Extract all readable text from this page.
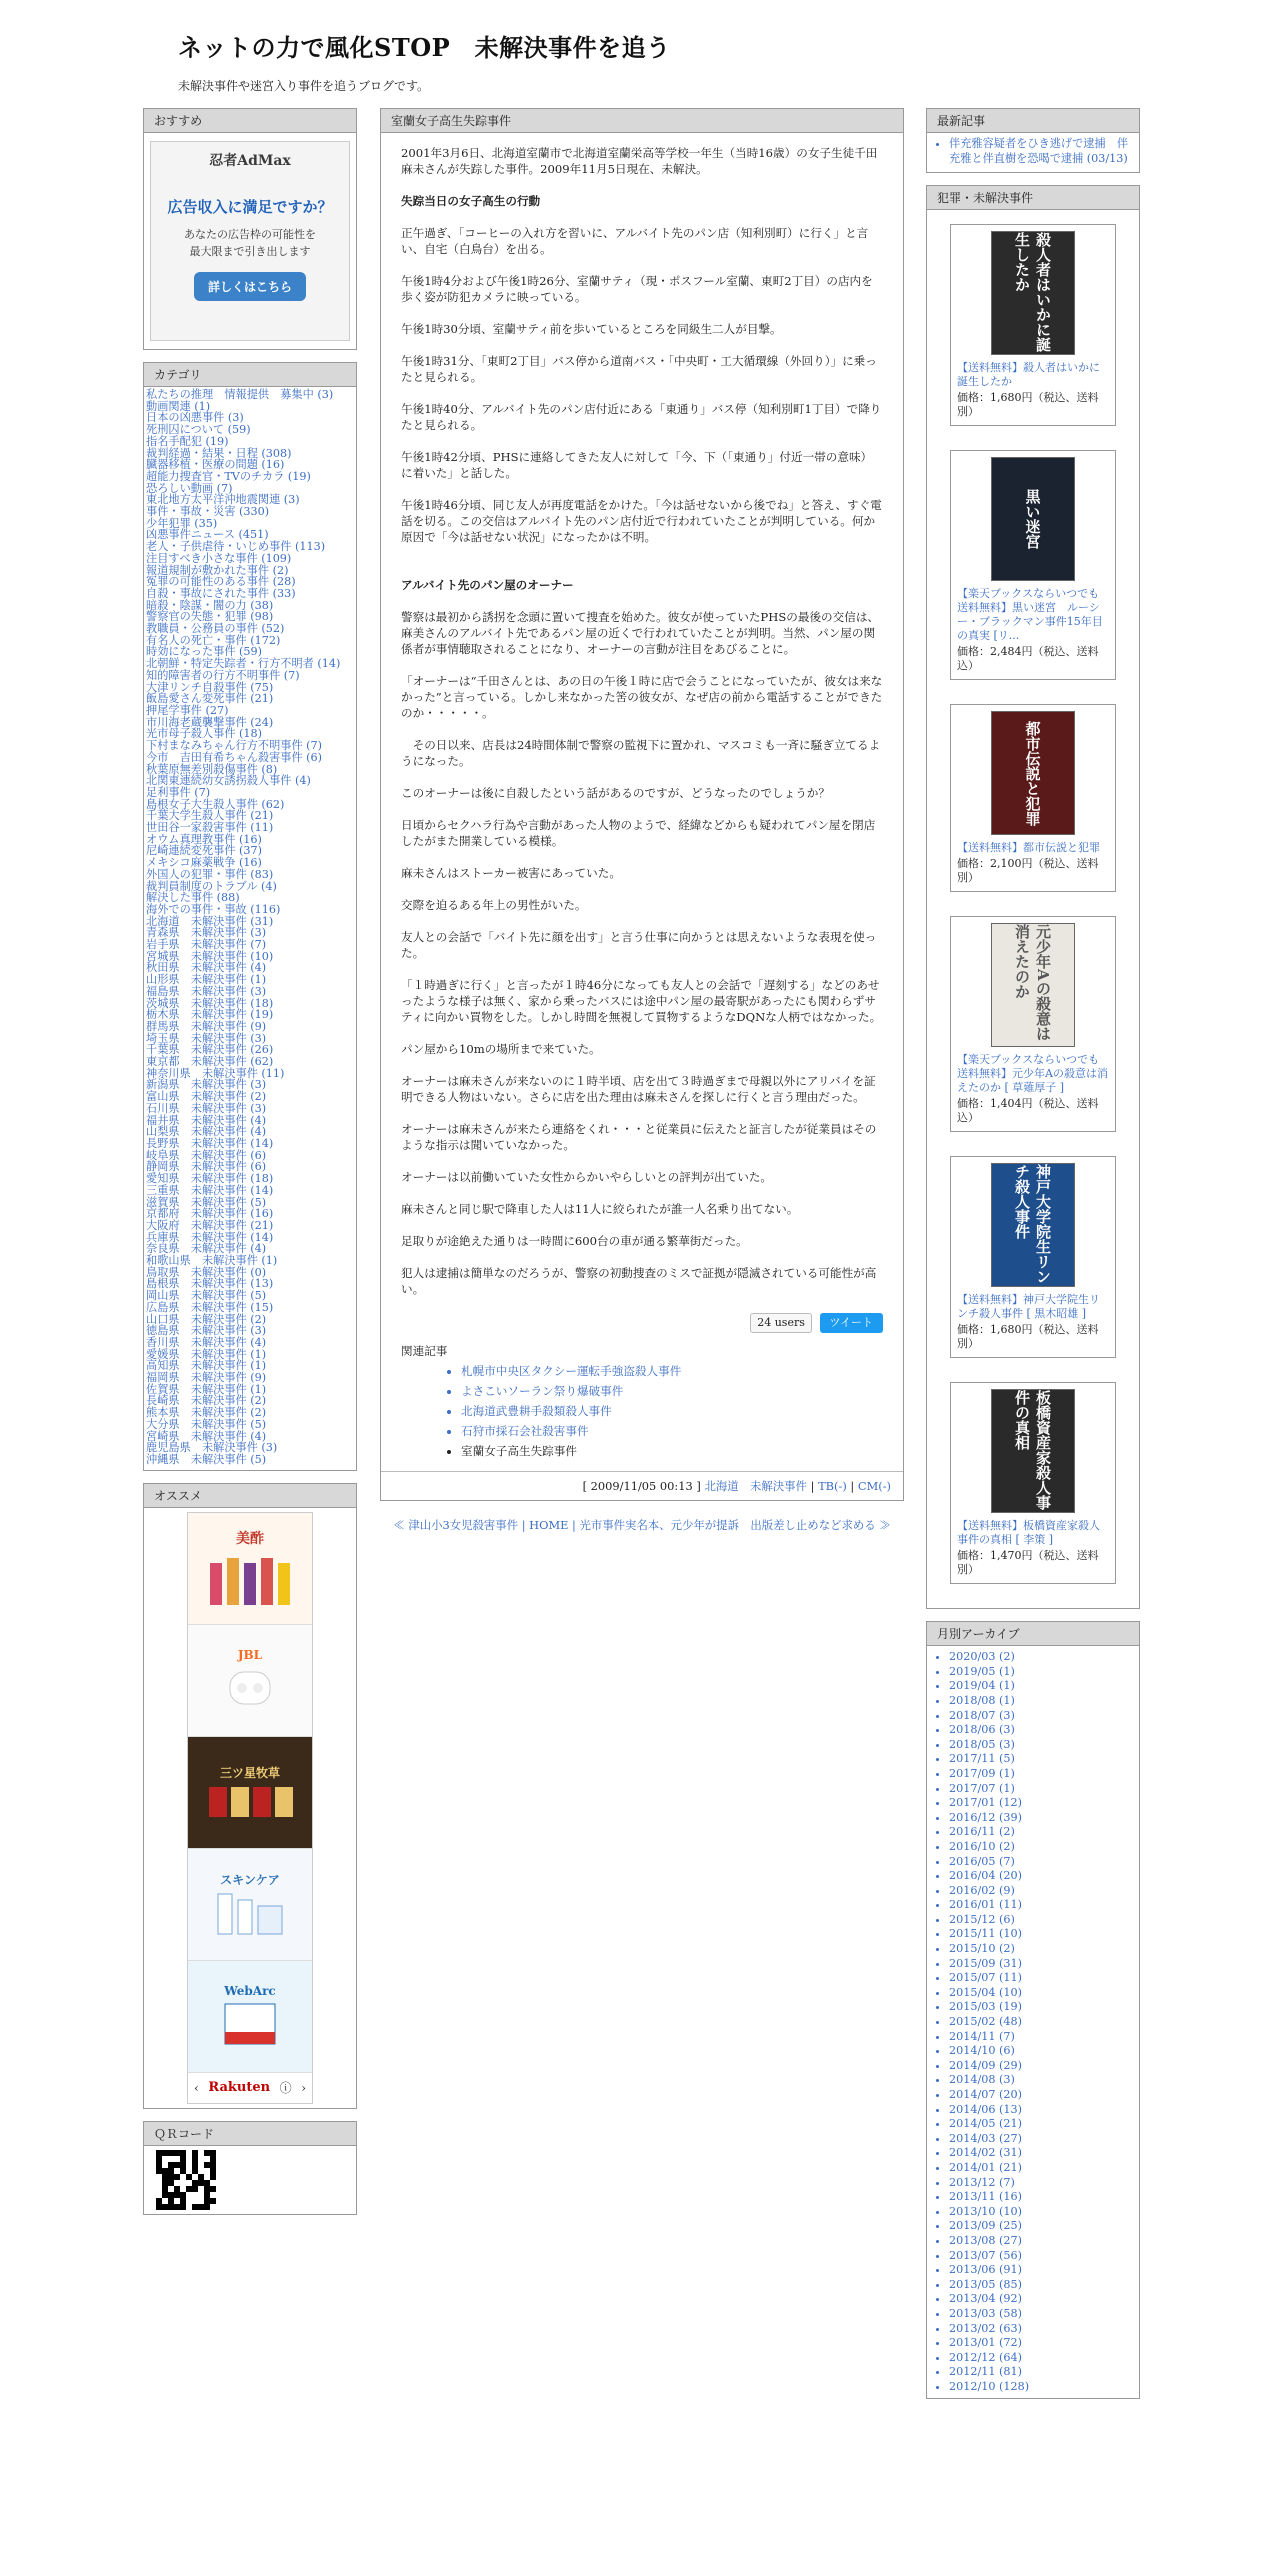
ネットの力で風化STOP　未解決事件を追う
未解決事件や迷宮入り事件を追うブログです。
おすすめ
忍者AdMax
広告収入に満足ですか？
あなたの広告枠の可能性を
最大限まで引き出します
詳しくはこちら
カテゴリ
私たちの推理　情報提供　募集中 (3)
動画関連 (1)
日本の凶悪事件 (3)
死刑囚について (59)
指名手配犯 (19)
裁判経過・結果・日程 (308)
臓器移植・医療の問題 (16)
超能力捜査官・TVのチカラ (19)
恐ろしい動画 (7)
東北地方太平洋沖地震関連 (3)
事件・事故・災害 (330)
少年犯罪 (35)
凶悪事件ニュース (451)
老人・子供虐待・いじめ事件 (113)
注目すべき小さな事件 (109)
報道規制が敷かれた事件 (2)
冤罪の可能性のある事件 (28)
自殺・事故にされた事件 (33)
暗殺・陰謀・闇の力 (38)
警察官の失態・犯罪 (98)
教職員・公務員の事件 (52)
有名人の死亡・事件 (172)
時効になった事件 (59)
北朝鮮・特定失踪者・行方不明者 (14)
知的障害者の行方不明事件 (7)
大津リンチ自殺事件 (75)
飯島愛さん変死事件 (21)
押尾学事件 (27)
市川海老蔵襲撃事件 (24)
光市母子殺人事件 (18)
下村まなみちゃん行方不明事件 (7)
今市　吉田有希ちゃん殺害事件 (6)
秋葉原無差別殺傷事件 (8)
北関東連続幼女誘拐殺人事件 (4)
足利事件 (7)
島根女子大生殺人事件 (62)
千葉大学生殺人事件 (21)
世田谷一家殺害事件 (11)
オウム真理教事件 (16)
尼崎連続変死事件 (37)
メキシコ麻薬戦争 (16)
外国人の犯罪・事件 (83)
裁判員制度のトラブル (4)
解決した事件 (88)
海外での事件・事故 (116)
北海道　未解決事件 (31)
青森県　未解決事件 (3)
岩手県　未解決事件 (7)
宮城県　未解決事件 (10)
秋田県　未解決事件 (4)
山形県　未解決事件 (1)
福島県　未解決事件 (3)
茨城県　未解決事件 (18)
栃木県　未解決事件 (19)
群馬県　未解決事件 (9)
埼玉県　未解決事件 (3)
千葉県　未解決事件 (26)
東京都　未解決事件 (62)
神奈川県　未解決事件 (11)
新潟県　未解決事件 (3)
富山県　未解決事件 (2)
石川県　未解決事件 (3)
福井県　未解決事件 (4)
山梨県　未解決事件 (4)
長野県　未解決事件 (14)
岐阜県　未解決事件 (6)
静岡県　未解決事件 (6)
愛知県　未解決事件 (18)
三重県　未解決事件 (14)
滋賀県　未解決事件 (5)
京都府　未解決事件 (16)
大阪府　未解決事件 (21)
兵庫県　未解決事件 (14)
奈良県　未解決事件 (4)
和歌山県　未解決事件 (1)
鳥取県　未解決事件 (0)
島根県　未解決事件 (13)
岡山県　未解決事件 (5)
広島県　未解決事件 (15)
山口県　未解決事件 (2)
徳島県　未解決事件 (3)
香川県　未解決事件 (4)
愛媛県　未解決事件 (1)
高知県　未解決事件 (1)
福岡県　未解決事件 (9)
佐賀県　未解決事件 (1)
長崎県　未解決事件 (2)
熊本県　未解決事件 (2)
大分県　未解決事件 (5)
宮崎県　未解決事件 (4)
鹿児島県　未解決事件 (3)
沖縄県　未解決事件 (5)
オススメ
美酢
JBL
三ツ星牧草
スキンケア
WebArc
‹ Rakuten ⓘ ›
ＱＲコード
室蘭女子高生失踪事件

2001年3月6日、北海道室蘭市で北海道室蘭栄高等学校一年生（当時16歳）の女子生徒千田麻未さんが失踪した事件。2009年11月5日現在、未解決。

失踪当日の女子高生の行動

正午過ぎ、「コーヒーの入れ方を習いに、アルバイト先のパン店（知利別町）に行く」と言い、自宅（白鳥台）を出る。

午後1時4分および午後1時26分、室蘭サティ（現・ポスフール室蘭、東町2丁目）の店内を歩く姿が防犯カメラに映っている。

午後1時30分頃、室蘭サティ前を歩いているところを同級生二人が目撃。

午後1時31分、「東町2丁目」バス停から道南バス・「中央町・工大循環線（外回り）」に乗ったと見られる。

午後1時40分、アルバイト先のパン店付近にある「東通り」バス停（知利別町1丁目）で降りたと見られる。

午後1時42分頃、PHSに連絡してきた友人に対して「今、下（「東通り」付近一帯の意味）に着いた」と話した。

午後1時46分頃、同じ友人が再度電話をかけた。「今は話せないから後でね」と答え、すぐ電話を切る。この交信はアルバイト先のパン店付近で行われていたことが判明している。何か原因で「今は話せない状況」になったかは不明。

アルバイト先のパン屋のオーナー

警察は最初から誘拐を念頭に置いて捜査を始めた。彼女が使っていたPHSの最後の交信は、麻美さんのアルバイト先であるパン屋の近くで行われていたことが判明。当然、パン屋の関係者が事情聴取されることになり、オーナーの言動が注目をあびることに。

「オーナーは“千田さんとは、あの日の午後１時に店で会うことになっていたが、彼女は来なかった”と言っている。しかし来なかった筈の彼女が、なぜ店の前から電話することができたのか・・・・・。

　その日以来、店長は24時間体制で警察の監視下に置かれ、マスコミも一斉に騒ぎ立てるようになった。

このオーナーは後に自殺したという話があるのですが、どうなったのでしょうか？

日頃からセクハラ行為や言動があった人物のようで、経緯などからも疑われてパン屋を閉店したがまた開業している模様。

麻未さんはストーカー被害にあっていた。

交際を迫るある年上の男性がいた。

友人との会話で「バイト先に顔を出す」と言う仕事に向かうとは思えないような表現を使った。

「１時過ぎに行く」と言ったが１時46分になっても友人との会話で「遅刻する」などのあせったような様子は無く、家から乗ったバスには途中パン屋の最寄駅があったにも関わらずサティに向かい買物をした。しかし時間を無視して買物するようなDQNな人柄ではなかった。

パン屋から10mの場所まで来ていた。

オーナーは麻未さんが来ないのに１時半頃、店を出て３時過ぎまで母親以外にアリバイを証明できる人物はいない。さらに店を出た理由は麻未さんを探しに行くと言う理由だった。

オーナーは麻未さんが来たら連絡をくれ・・・と従業員に伝えたと証言したが従業員はそのような指示は聞いていなかった。

オーナーは以前働いていた女性からかいやらしいとの評判が出ていた。

麻未さんと同じ駅で降車した人は11人に絞られたが誰一人名乗り出てない。

足取りが途絶えた通りは一時間に600台の車が通る繁華街だった。

犯人は逮捕は簡単なのだろうが、警察の初動捜査のミスで証拠が隠滅されている可能性が高い。

24 users ツイート
関連記事
• 札幌市中央区タクシー運転手強盗殺人事件
• よさこいソーラン祭り爆破事件
• 北海道武豊耕手殺類殺人事件
• 石狩市採石会社殺害事件
• 室蘭女子高生失踪事件
[ 2009/11/05 00:13 ] 北海道　未解決事件 | TB(-) | CM(-)
≪ 津山小3女児殺害事件 | HOME | 光市事件実名本、元少年が提訴　出版差し止めなど求める ≫
最新記事
• 伴充雅容疑者をひき逃げで逮捕　伴充雅と伴直樹を恐喝で逮捕 (03/13)
犯罪・未解決事件
殺人者はいかに誕生したか
【送料無料】殺人者はいかに誕生したか
価格：1,680円（税込、送料別）
黒い迷宮
【楽天ブックスならいつでも送料無料】黒い迷宮　ルーシー・ブラックマン事件15年目の真実 [リ...
価格：2,484円（税込、送料込）
都市伝説と犯罪
【送料無料】都市伝説と犯罪
価格：2,100円（税込、送料別）
元少年Aの殺意は消えたのか
【楽天ブックスならいつでも送料無料】元少年Aの殺意は消えたのか [ 草薙厚子 ]
価格：1,404円（税込、送料込）
神戸大学院生リンチ殺人事件
【送料無料】神戸大学院生リンチ殺人事件 [ 黒木昭雄 ]
価格：1,680円（税込、送料別）
板橋資産家殺人事件の真相
【送料無料】板橋資産家殺人事件の真相 [ 李策 ]
価格：1,470円（税込、送料別）
月別アーカイブ
• 2020/03 (2)
• 2019/05 (1)
• 2019/04 (1)
• 2018/08 (1)
• 2018/07 (3)
• 2018/06 (3)
• 2018/05 (3)
• 2017/11 (5)
• 2017/09 (1)
• 2017/07 (1)
• 2017/01 (12)
• 2016/12 (39)
• 2016/11 (2)
• 2016/10 (2)
• 2016/05 (7)
• 2016/04 (20)
• 2016/02 (9)
• 2016/01 (11)
• 2015/12 (6)
• 2015/11 (10)
• 2015/10 (2)
• 2015/09 (31)
• 2015/07 (11)
• 2015/04 (10)
• 2015/03 (19)
• 2015/02 (48)
• 2014/11 (7)
• 2014/10 (6)
• 2014/09 (29)
• 2014/08 (3)
• 2014/07 (20)
• 2014/06 (13)
• 2014/05 (21)
• 2014/03 (27)
• 2014/02 (31)
• 2014/01 (21)
• 2013/12 (7)
• 2013/11 (16)
• 2013/10 (10)
• 2013/09 (25)
• 2013/08 (27)
• 2013/07 (56)
• 2013/06 (91)
• 2013/05 (85)
• 2013/04 (92)
• 2013/03 (58)
• 2013/02 (63)
• 2013/01 (72)
• 2012/12 (64)
• 2012/11 (81)
• 2012/10 (128)
